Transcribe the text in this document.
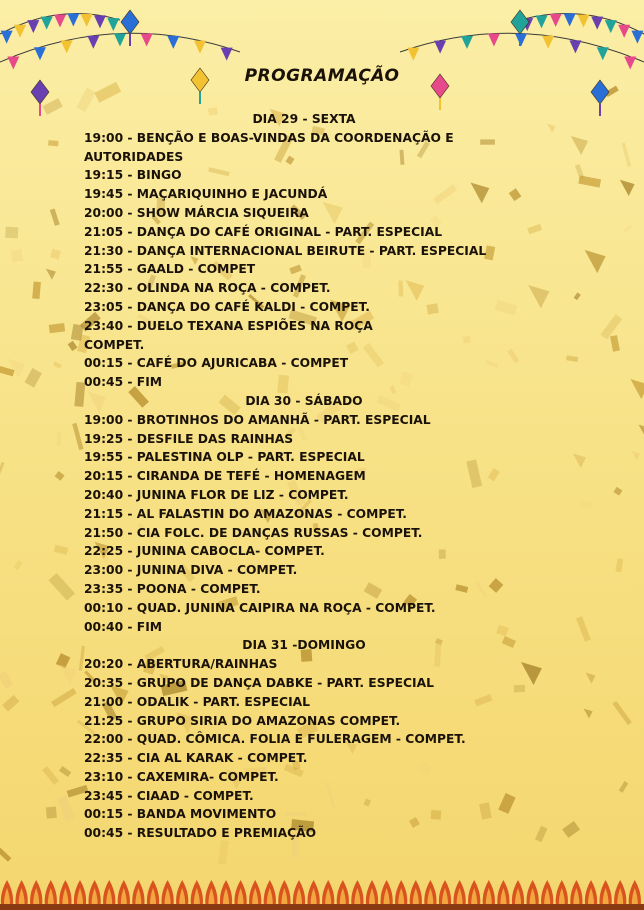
PROGRAMAÇÃO
DIA 29 - SEXTA
19:00 - BENÇÃO E BOAS-VINDAS DA COORDENAÇÃO E AUTORIDADES
19:15 - BINGO
19:45 - MAÇARIQUINHO E JACUNDÁ
20:00 - SHOW MÁRCIA SIQUEIRA
21:05 - DANÇA DO CAFÉ ORIGINAL - PART. ESPECIAL
21:30 - DANÇA INTERNACIONAL BEIRUTE - PART. ESPECIAL
21:55 - GAALD - COMPET
22:30 - OLINDA NA ROÇA - COMPET.
23:05 - DANÇA DO CAFÉ KALDI - COMPET.
23:40 - DUELO TEXANA ESPIÕES NA ROÇA COMPET.
00:15 - CAFÉ DO AJURICABA - COMPET
00:45 - FIM
DIA 30 - SÁBADO
19:00 - BROTINHOS DO AMANHÃ - PART. ESPECIAL
19:25 - DESFILE DAS RAINHAS
19:55 - PALESTINA OLP - PART. ESPECIAL
20:15 - CIRANDA DE TEFÉ - HOMENAGEM
20:40 - JUNINA FLOR DE LIZ - COMPET.
21:15 - AL FALASTIN DO AMAZONAS - COMPET.
21:50 - CIA FOLC. DE DANÇAS RUSSAS - COMPET.
22:25 - JUNINA CABOCLA- COMPET.
23:00 - JUNINA DIVA - COMPET.
23:35 - POONA - COMPET.
00:10 - QUAD. JUNINA CAIPIRA NA ROÇA - COMPET.
00:40 - FIM
DIA 31 -DOMINGO
20:20 - ABERTURA/RAINHAS
20:35 - GRUPO DE DANÇA DABKE - PART. ESPECIAL
21:00 - ODALIK - PART. ESPECIAL
21:25 - GRUPO SIRIA DO AMAZONAS COMPET.
22:00 - QUAD. CÔMICA. FOLIA E FULERAGEM - COMPET.
22:35 - CIA AL KARAK - COMPET.
23:10 - CAXEMIRA- COMPET.
23:45 - CIAAD - COMPET.
00:15 - BANDA MOVIMENTO
00:45 - RESULTADO E PREMIAÇÃO
